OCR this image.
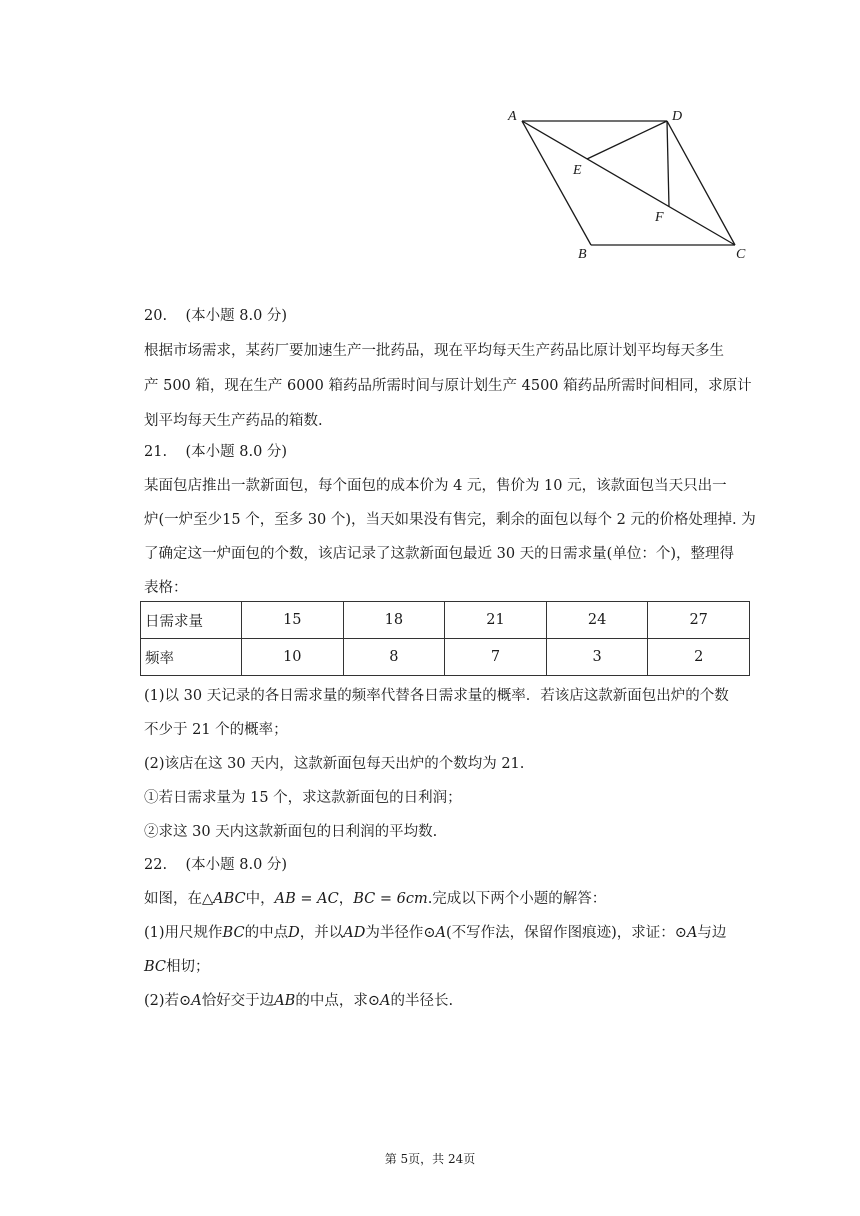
A	D
E
F
B	C
20.    (本小题 8.0 分)
根据市场需求，某药厂要加速生产一批药品，现在平均每天生产药品比原计划平均每天多生
产 500 箱，现在生产 6000 箱药品所需时间与原计划生产 4500 箱药品所需时间相同，求原计
划平均每天生产药品的箱数.
21.    (本小题 8.0 分)
某面包店推出一款新面包，每个面包的成本价为 4 元，售价为 10 元，该款面包当天只出一
炉(一炉至少15 个，至多 30 个)，当天如果没有售完，剩余的面包以每个 2 元的价格处理掉. 为
了确定这一炉面包的个数，该店记录了这款新面包最近 30 天的日需求量(单位：个)，整理得
表格：
日需求量	15	18	21	24	27
频率	10	8	7	3	2
(1)以 30 天记录的各日需求量的频率代替各日需求量的概率．若该店这款新面包出炉的个数
不少于 21 个的概率；
(2)该店在这 30 天内，这款新面包每天出炉的个数均为 21.
①若日需求量为 15 个，求这款新面包的日利润；
②求这 30 天内这款新面包的日利润的平均数.
22.    (本小题 8.0 分)
如图，在△ABC中，AB = AC，BC = 6cm.完成以下两个小题的解答：
(1)用尺规作BC的中点D，并以AD为半径作⊙A(不写作法，保留作图痕迹)，求证：⊙A与边
BC相切；
(2)若⊙A恰好交于边AB的中点，求⊙A的半径长.
第 5页，共 24页
